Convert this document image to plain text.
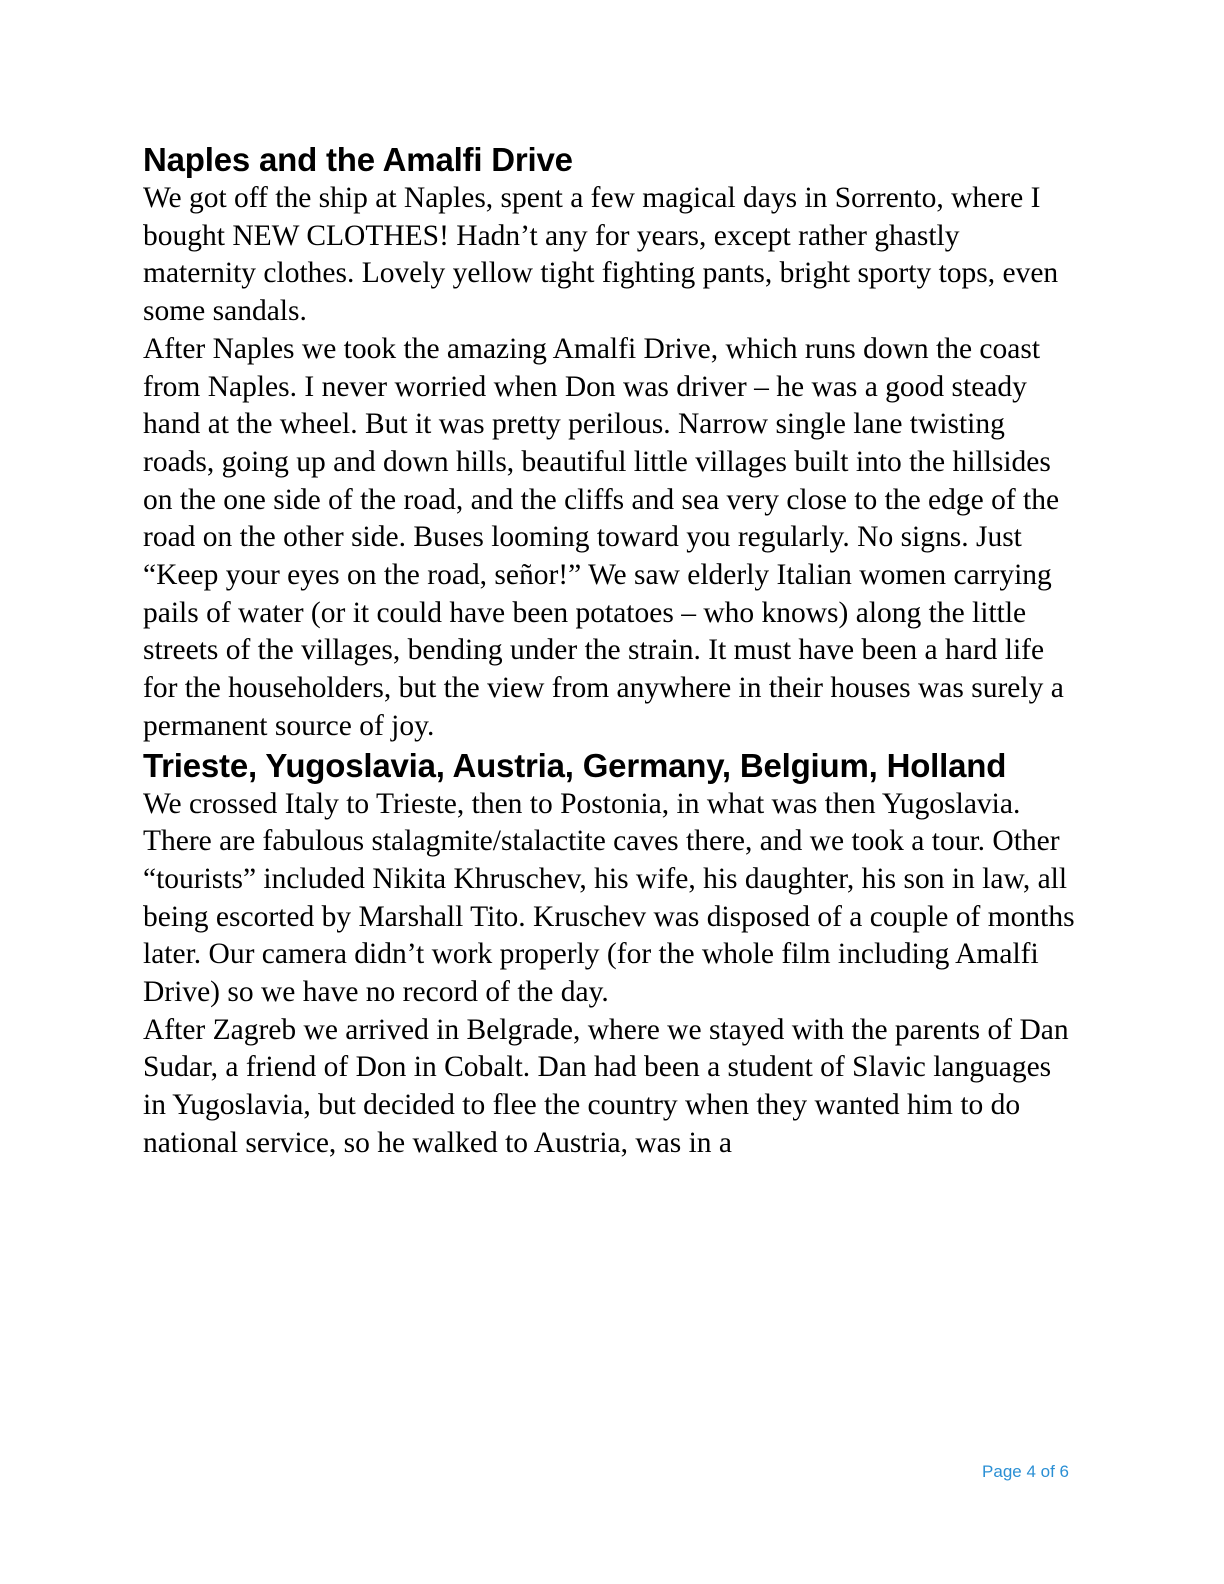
Naples and the Amalfi Drive

We got off the ship at Naples, spent a few magical days in Sorrento, where I bought NEW CLOTHES! Hadn’t any for years, except rather ghastly maternity clothes. Lovely yellow tight fighting pants, bright sporty tops, even some sandals.

After Naples we took the amazing Amalfi Drive, which runs down the coast from Naples. I never worried when Don was driver – he was a good steady hand at the wheel. But it was pretty perilous. Narrow single lane twisting roads, going up and down hills, beautiful little villages built into the hillsides on the one side of the road, and the cliffs and sea very close to the edge of the road on the other side. Buses looming toward you regularly. No signs. Just “Keep your eyes on the road, señor!” We saw elderly Italian women carrying pails of water (or it could have been potatoes – who knows) along the little streets of the villages, bending under the strain. It must have been a hard life for the householders, but the view from anywhere in their houses was surely a permanent source of joy.

Trieste, Yugoslavia, Austria, Germany, Belgium, Holland

We crossed Italy to Trieste, then to Postonia, in what was then Yugoslavia. There are fabulous stalagmite/stalactite caves there, and we took a tour. Other “tourists” included Nikita Khruschev, his wife, his daughter, his son in law, all being escorted by Marshall Tito. Kruschev was disposed of a couple of months later. Our camera didn’t work properly (for the whole film including Amalfi Drive) so we have no record of the day.

After Zagreb we arrived in Belgrade, where we stayed with the parents of Dan Sudar, a friend of Don in Cobalt. Dan had been a student of Slavic languages in Yugoslavia, but decided to flee the country when they wanted him to do national service, so he walked to Austria, was in a

Page 4 of 6
